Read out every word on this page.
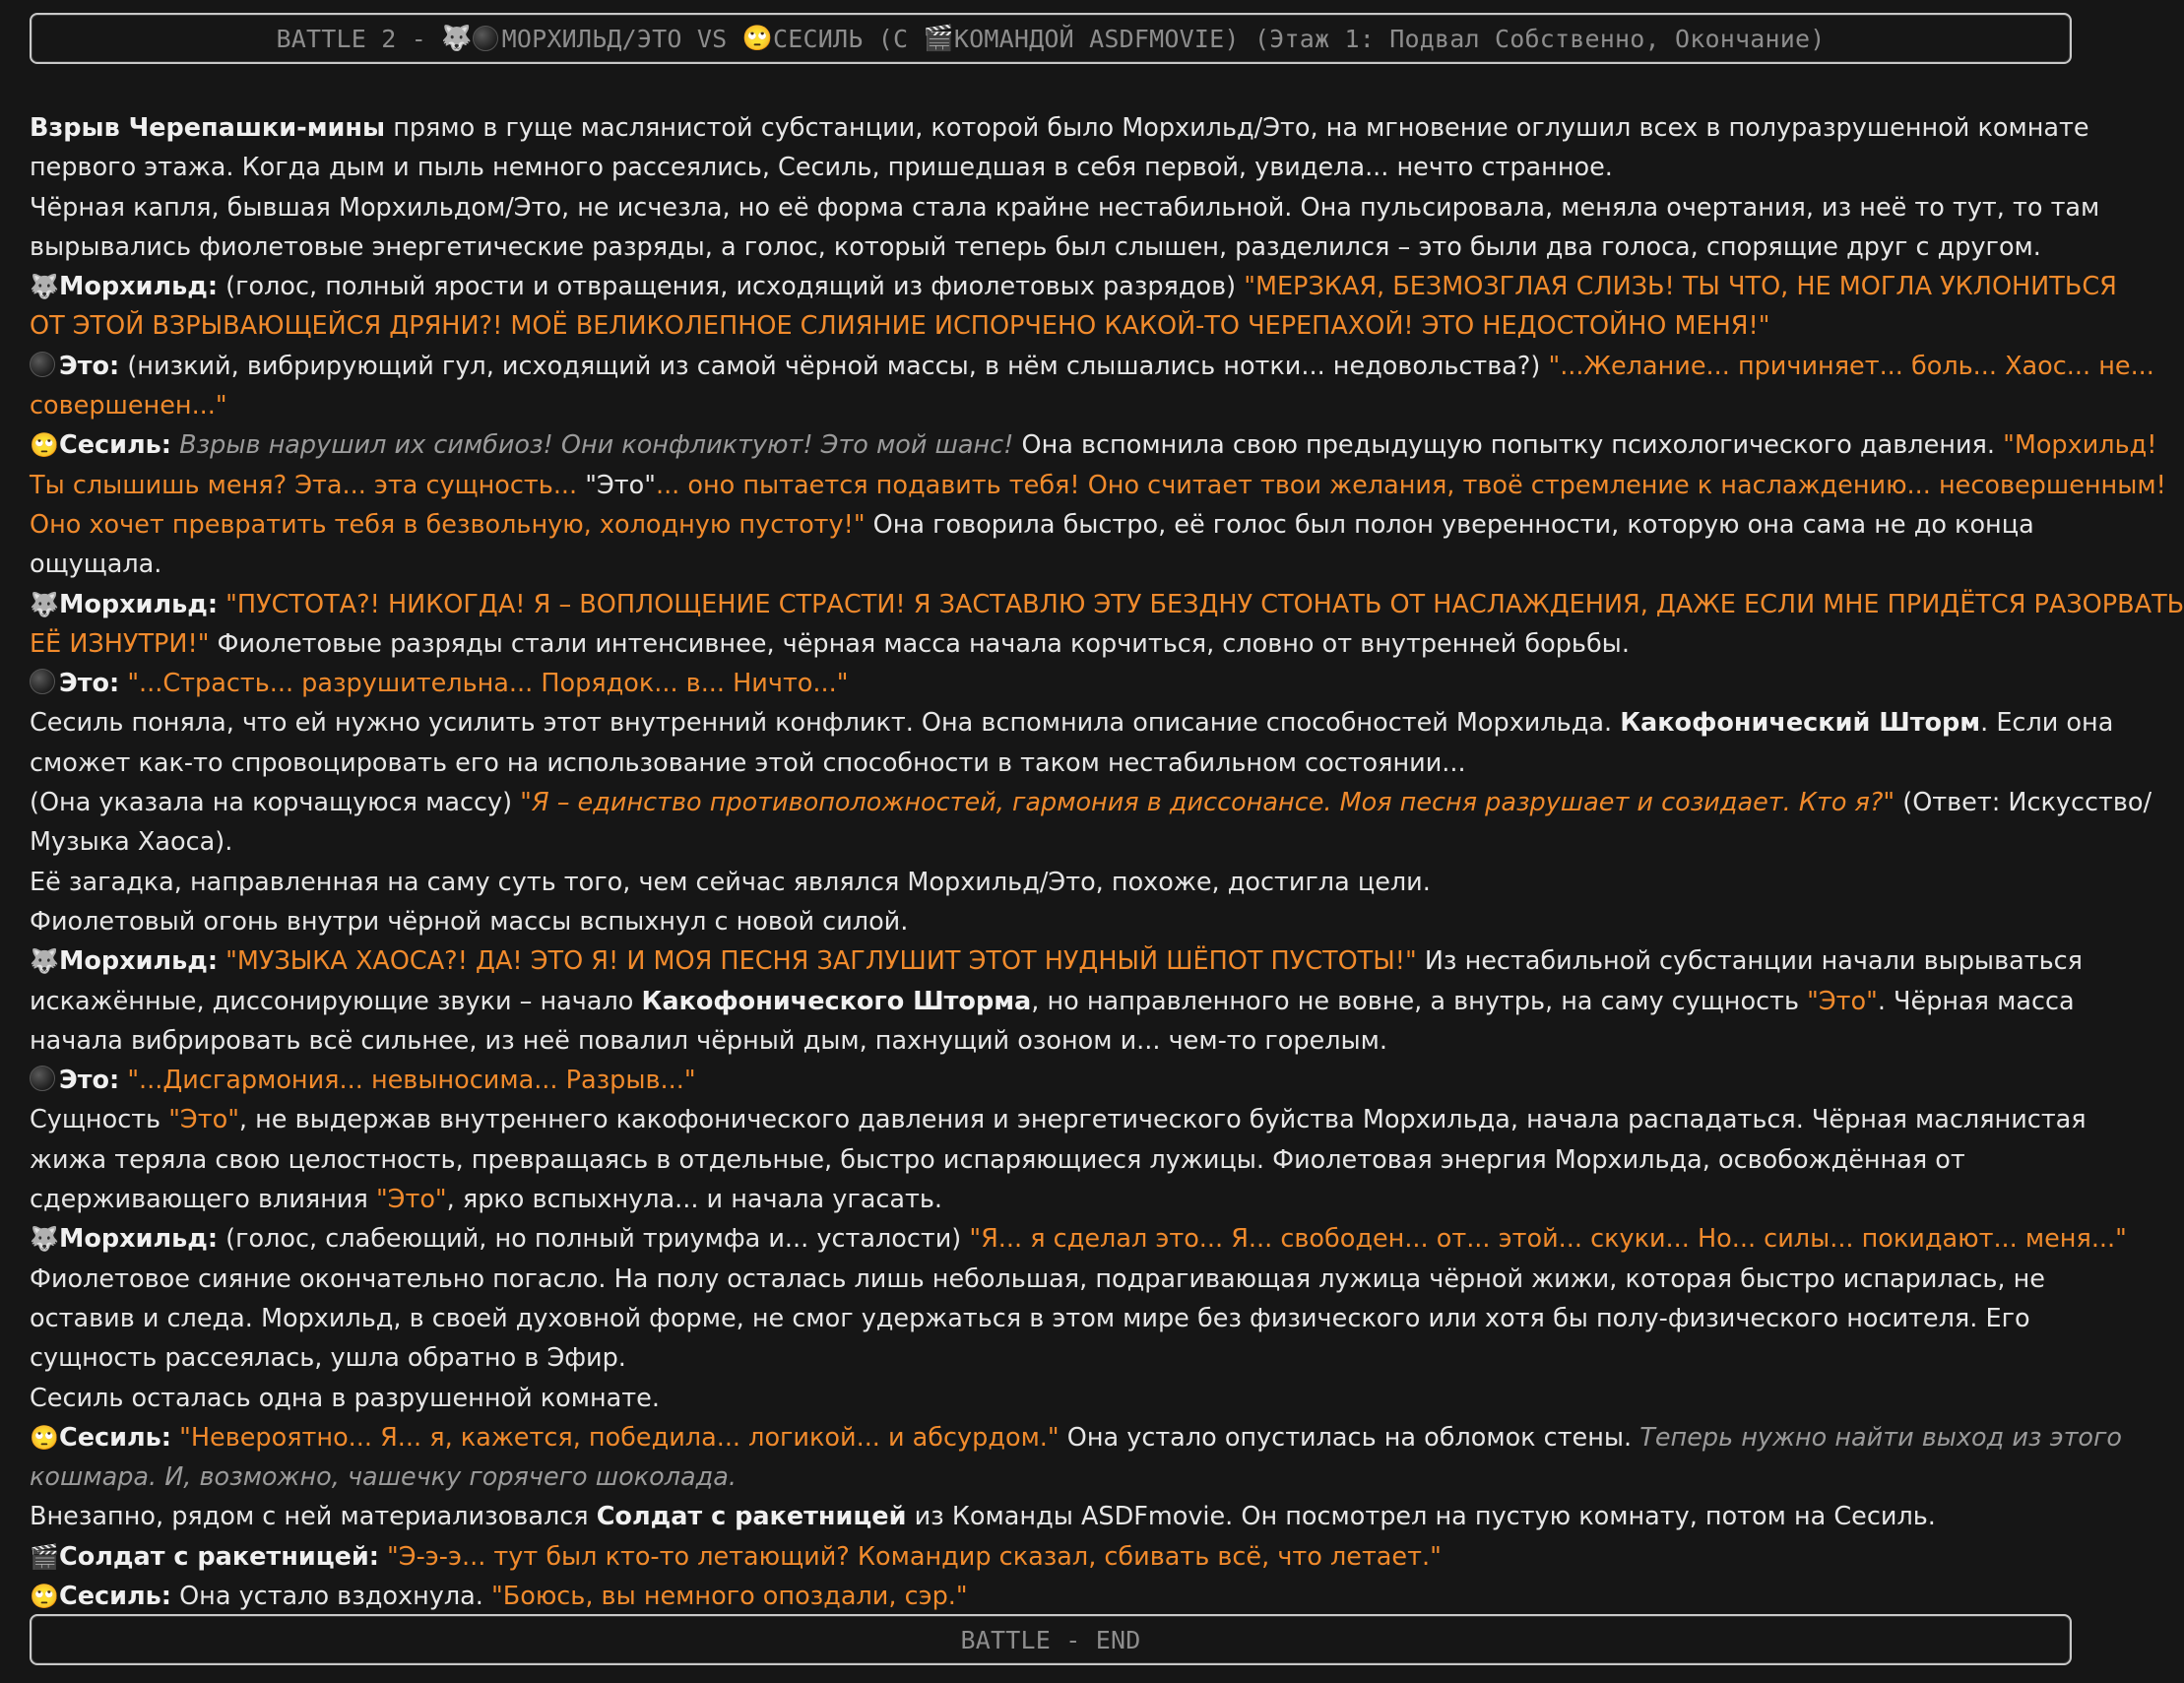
BATTLE 2 -
🐺 МОРХИЛЬД/ЭТО
VS
🙄 СЕСИЛЬ
(С
🎬 КОМАНДОЙ ASDFMOVIE)
(Этаж 1: Подвал Собственно, Окончание)
Взрыв Черепашки-мины прямо в гуще маслянистой субстанции, которой было Морхильд/Это, на мгновение оглушил всех в полуразрушенной комнате
первого этажа. Когда дым и пыль немного рассеялись, Сесиль, пришедшая в себя первой, увидела... нечто странное.
Чёрная капля, бывшая Морхильдом/Это, не исчезла, но её форма стала крайне нестабильной. Она пульсировала, меняла очертания, из неё то тут, то там
вырывались фиолетовые энергетические разряды, а голос, который теперь был слышен, разделился – это были два голоса, спорящие друг с другом.
🐺Морхильд: (голос, полный ярости и отвращения, исходящий из фиолетовых разрядов) "МЕРЗКАЯ, БЕЗМОЗГЛАЯ СЛИЗЬ! ТЫ ЧТО, НЕ МОГЛА УКЛОНИТЬСЯ
ОТ ЭТОЙ ВЗРЫВАЮЩЕЙСЯ ДРЯНИ?! МОЁ ВЕЛИКОЛЕПНОЕ СЛИЯНИЕ ИСПОРЧЕНО КАКОЙ-ТО ЧЕРЕПАХОЙ! ЭТО НЕДОСТОЙНО МЕНЯ!"
Это: (низкий, вибрирующий гул, исходящий из самой чёрной массы, в нём слышались нотки... недовольства?) "...Желание... причиняет... боль... Хаос... не...
совершенен..."
🙄Сесиль: Взрыв нарушил их симбиоз! Они конфликтуют! Это мой шанс! Она вспомнила свою предыдущую попытку психологического давления. "Морхильд!
Ты слышишь меня? Эта... эта сущность... "Это"... оно пытается подавить тебя! Оно считает твои желания, твоё стремление к наслаждению... несовершенным!
Оно хочет превратить тебя в безвольную, холодную пустоту!" Она говорила быстро, её голос был полон уверенности, которую она сама не до конца
ощущала.
🐺Морхильд: "ПУСТОТА?! НИКОГДА! Я – ВОПЛОЩЕНИЕ СТРАСТИ! Я ЗАСТАВЛЮ ЭТУ БЕЗДНУ СТОНАТЬ ОТ НАСЛАЖДЕНИЯ, ДАЖЕ ЕСЛИ МНЕ ПРИДЁТСЯ РАЗОРВАТЬ
ЕЁ ИЗНУТРИ!" Фиолетовые разряды стали интенсивнее, чёрная масса начала корчиться, словно от внутренней борьбы.
Это: "...Страсть... разрушительна... Порядок... в... Ничто..."
Сесиль поняла, что ей нужно усилить этот внутренний конфликт. Она вспомнила описание способностей Морхильда. Какофонический Шторм. Если она
сможет как-то спровоцировать его на использование этой способности в таком нестабильном состоянии...
(Она указала на корчащуюся массу) "Я – единство противоположностей, гармония в диссонансе. Моя песня разрушает и созидает. Кто я?" (Ответ: Искусство/
Музыка Хаоса).
Её загадка, направленная на саму суть того, чем сейчас являлся Морхильд/Это, похоже, достигла цели.
Фиолетовый огонь внутри чёрной массы вспыхнул с новой силой.
🐺Морхильд: "МУЗЫКА ХАОСА?! ДА! ЭТО Я! И МОЯ ПЕСНЯ ЗАГЛУШИТ ЭТОТ НУДНЫЙ ШЁПОТ ПУСТОТЫ!" Из нестабильной субстанции начали вырываться
искажённые, диссонирующие звуки – начало Какофонического Шторма, но направленного не вовне, а внутрь, на саму сущность "Это". Чёрная масса
начала вибрировать всё сильнее, из неё повалил чёрный дым, пахнущий озоном и... чем-то горелым.
Это: "...Дисгармония... невыносима... Разрыв..."
Сущность "Это", не выдержав внутреннего какофонического давления и энергетического буйства Морхильда, начала распадаться. Чёрная маслянистая
жижа теряла свою целостность, превращаясь в отдельные, быстро испаряющиеся лужицы. Фиолетовая энергия Морхильда, освобождённая от
сдерживающего влияния "Это", ярко вспыхнула... и начала угасать.
🐺Морхильд: (голос, слабеющий, но полный триумфа и... усталости) "Я... я сделал это... Я... свободен... от... этой... скуки... Но... силы... покидают... меня..."
Фиолетовое сияние окончательно погасло. На полу осталась лишь небольшая, подрагивающая лужица чёрной жижи, которая быстро испарилась, не
оставив и следа. Морхильд, в своей духовной форме, не смог удержаться в этом мире без физического или хотя бы полу-физического носителя. Его
сущность рассеялась, ушла обратно в Эфир.
Сесиль осталась одна в разрушенной комнате.
🙄Сесиль: "Невероятно... Я... я, кажется, победила... логикой... и абсурдом." Она устало опустилась на обломок стены. Теперь нужно найти выход из этого
кошмара. И, возможно, чашечку горячего шоколада.
Внезапно, рядом с ней материализовался Солдат с ракетницей из Команды ASDFmovie. Он посмотрел на пустую комнату, потом на Сесиль.
🎬Солдат с ракетницей: "Э-э-э... тут был кто-то летающий? Командир сказал, сбивать всё, что летает."
🙄Сесиль: Она устало вздохнула. "Боюсь, вы немного опоздали, сэр."
BATTLE - END
